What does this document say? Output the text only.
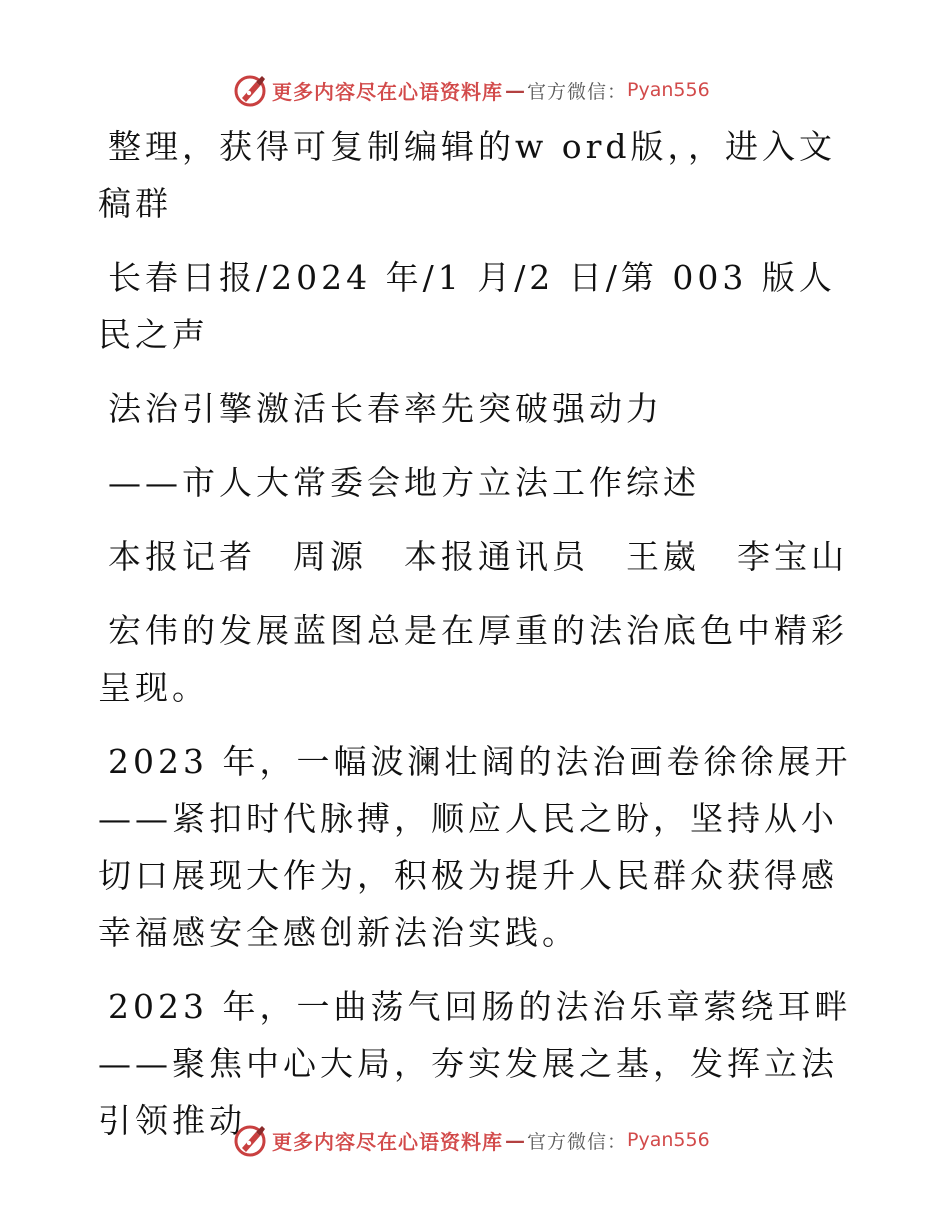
更多内容尽在心语资料库 — 官方微信： Pyan556

整理，获得可复制编辑的w ord版，，进入文稿群

长春日报/2024 年/1 月/2 日/第 003 版人民之声

法治引擎激活长春率先突破强动力

——市人大常委会地方立法工作综述

本报记者　周源　本报通讯员　王崴　李宝山

宏伟的发展蓝图总是在厚重的法治底色中精彩呈现。

2023 年，一幅波澜壮阔的法治画卷徐徐展开——紧扣时代脉搏，顺应人民之盼，坚持从小切口展现大作为，积极为提升人民群众获得感幸福感安全感创新法治实践。

2023 年，一曲荡气回肠的法治乐章萦绕耳畔——聚焦中心大局，夯实发展之基，发挥立法引领推动

更多内容尽在心语资料库 — 官方微信： Pyan556
